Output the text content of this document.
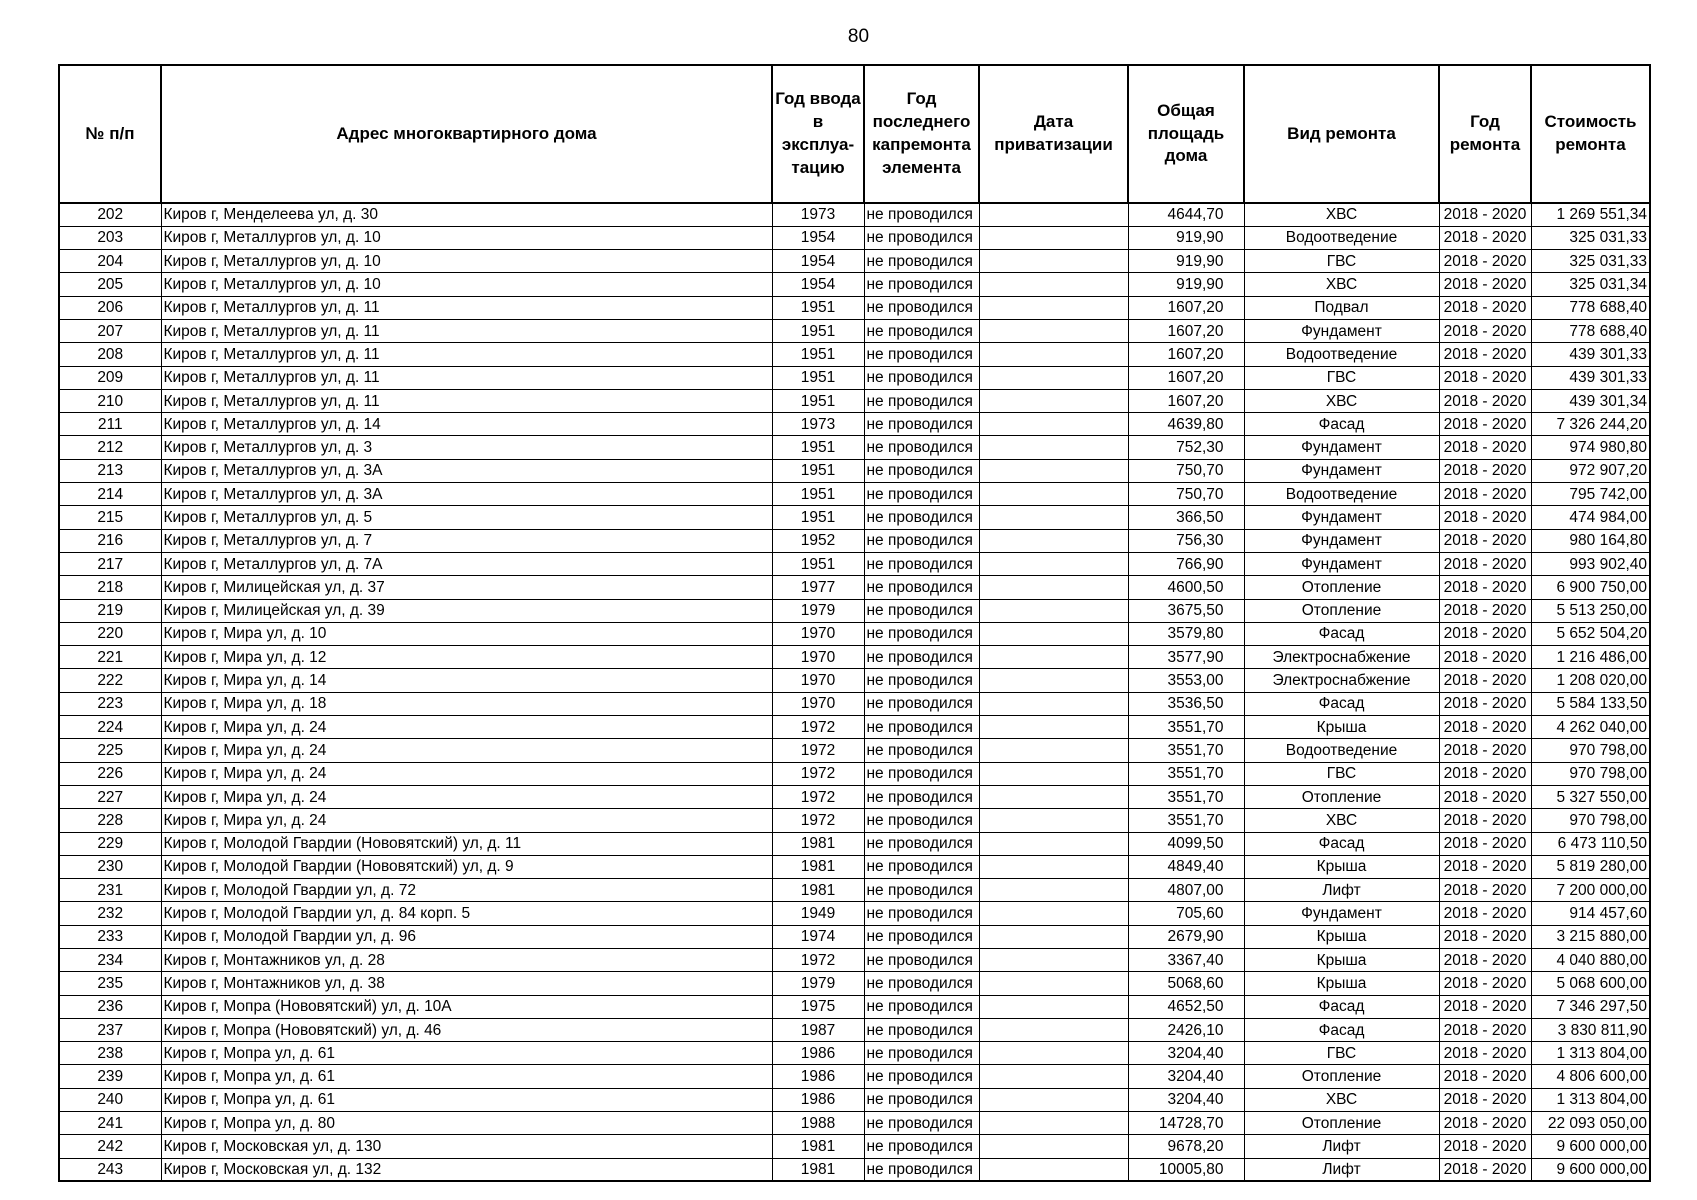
80
№ п/п	Адрес многоквартирного дома	Год ввода в эксплуа- тацию	Год последнего капремонта элемента	Дата приватизации	Общая площадь дома	Вид ремонта	Год ремонта	Стоимость ремонта
202	Киров г, Менделеева ул, д. 30	1973	не проводился		4644,70	ХВС	2018 - 2020	1 269 551,34
203	Киров г, Металлургов ул, д. 10	1954	не проводился		919,90	Водоотведение	2018 - 2020	325 031,33
204	Киров г, Металлургов ул, д. 10	1954	не проводился		919,90	ГВС	2018 - 2020	325 031,33
205	Киров г, Металлургов ул, д. 10	1954	не проводился		919,90	ХВС	2018 - 2020	325 031,34
206	Киров г, Металлургов ул, д. 11	1951	не проводился		1607,20	Подвал	2018 - 2020	778 688,40
207	Киров г, Металлургов ул, д. 11	1951	не проводился		1607,20	Фундамент	2018 - 2020	778 688,40
208	Киров г, Металлургов ул, д. 11	1951	не проводился		1607,20	Водоотведение	2018 - 2020	439 301,33
209	Киров г, Металлургов ул, д. 11	1951	не проводился		1607,20	ГВС	2018 - 2020	439 301,33
210	Киров г, Металлургов ул, д. 11	1951	не проводился		1607,20	ХВС	2018 - 2020	439 301,34
211	Киров г, Металлургов ул, д. 14	1973	не проводился		4639,80	Фасад	2018 - 2020	7 326 244,20
212	Киров г, Металлургов ул, д. 3	1951	не проводился		752,30	Фундамент	2018 - 2020	974 980,80
213	Киров г, Металлургов ул, д. 3А	1951	не проводился		750,70	Фундамент	2018 - 2020	972 907,20
214	Киров г, Металлургов ул, д. 3А	1951	не проводился		750,70	Водоотведение	2018 - 2020	795 742,00
215	Киров г, Металлургов ул, д. 5	1951	не проводился		366,50	Фундамент	2018 - 2020	474 984,00
216	Киров г, Металлургов ул, д. 7	1952	не проводился		756,30	Фундамент	2018 - 2020	980 164,80
217	Киров г, Металлургов ул, д. 7А	1951	не проводился		766,90	Фундамент	2018 - 2020	993 902,40
218	Киров г, Милицейская ул, д. 37	1977	не проводился		4600,50	Отопление	2018 - 2020	6 900 750,00
219	Киров г, Милицейская ул, д. 39	1979	не проводился		3675,50	Отопление	2018 - 2020	5 513 250,00
220	Киров г, Мира ул, д. 10	1970	не проводился		3579,80	Фасад	2018 - 2020	5 652 504,20
221	Киров г, Мира ул, д. 12	1970	не проводился		3577,90	Электроснабжение	2018 - 2020	1 216 486,00
222	Киров г, Мира ул, д. 14	1970	не проводился		3553,00	Электроснабжение	2018 - 2020	1 208 020,00
223	Киров г, Мира ул, д. 18	1970	не проводился		3536,50	Фасад	2018 - 2020	5 584 133,50
224	Киров г, Мира ул, д. 24	1972	не проводился		3551,70	Крыша	2018 - 2020	4 262 040,00
225	Киров г, Мира ул, д. 24	1972	не проводился		3551,70	Водоотведение	2018 - 2020	970 798,00
226	Киров г, Мира ул, д. 24	1972	не проводился		3551,70	ГВС	2018 - 2020	970 798,00
227	Киров г, Мира ул, д. 24	1972	не проводился		3551,70	Отопление	2018 - 2020	5 327 550,00
228	Киров г, Мира ул, д. 24	1972	не проводился		3551,70	ХВС	2018 - 2020	970 798,00
229	Киров г, Молодой Гвардии (Нововятский) ул, д. 11	1981	не проводился		4099,50	Фасад	2018 - 2020	6 473 110,50
230	Киров г, Молодой Гвардии (Нововятский) ул, д. 9	1981	не проводился		4849,40	Крыша	2018 - 2020	5 819 280,00
231	Киров г, Молодой Гвардии ул, д. 72	1981	не проводился		4807,00	Лифт	2018 - 2020	7 200 000,00
232	Киров г, Молодой Гвардии ул, д. 84 корп. 5	1949	не проводился		705,60	Фундамент	2018 - 2020	914 457,60
233	Киров г, Молодой Гвардии ул, д. 96	1974	не проводился		2679,90	Крыша	2018 - 2020	3 215 880,00
234	Киров г, Монтажников ул, д. 28	1972	не проводился		3367,40	Крыша	2018 - 2020	4 040 880,00
235	Киров г, Монтажников ул, д. 38	1979	не проводился		5068,60	Крыша	2018 - 2020	5 068 600,00
236	Киров г, Мопра (Нововятский) ул, д. 10А	1975	не проводился		4652,50	Фасад	2018 - 2020	7 346 297,50
237	Киров г, Мопра (Нововятский) ул, д. 46	1987	не проводился		2426,10	Фасад	2018 - 2020	3 830 811,90
238	Киров г, Мопра ул, д. 61	1986	не проводился		3204,40	ГВС	2018 - 2020	1 313 804,00
239	Киров г, Мопра ул, д. 61	1986	не проводился		3204,40	Отопление	2018 - 2020	4 806 600,00
240	Киров г, Мопра ул, д. 61	1986	не проводился		3204,40	ХВС	2018 - 2020	1 313 804,00
241	Киров г, Мопра ул, д. 80	1988	не проводился		14728,70	Отопление	2018 - 2020	22 093 050,00
242	Киров г, Московская ул, д. 130	1981	не проводился		9678,20	Лифт	2018 - 2020	9 600 000,00
243	Киров г, Московская ул, д. 132	1981	не проводился		10005,80	Лифт	2018 - 2020	9 600 000,00
